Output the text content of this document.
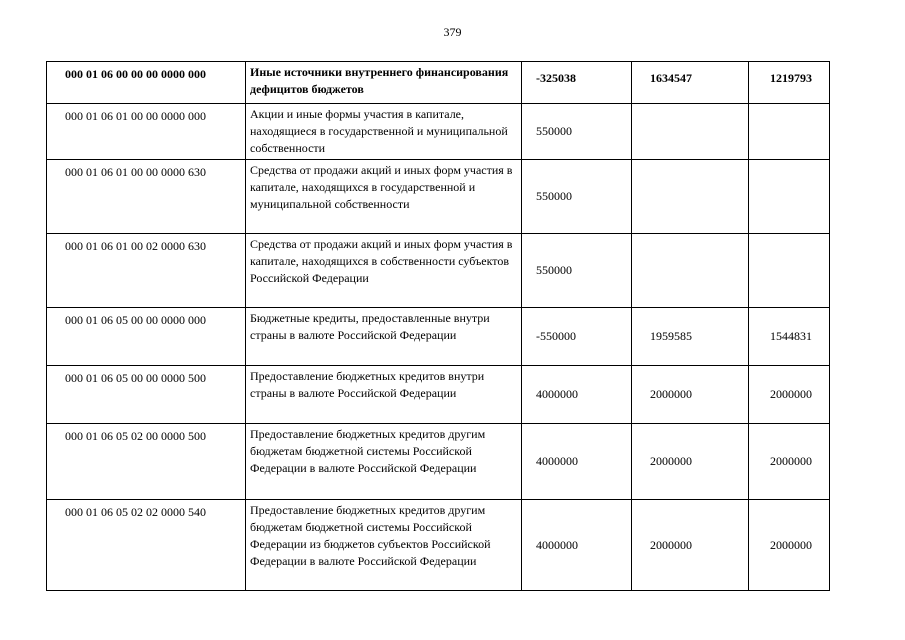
379
000 01 06 00 00 00 0000 000	Иные источники внутреннего финансирования дефицитов бюджетов	-325038	1634547	1219793
000 01 06 01 00 00 0000 000	Акции и иные формы участия в капитале, находящиеся в государственной и муниципальной собственности	550000		
000 01 06 01 00 00 0000 630	Средства от продажи акций и иных форм участия в капитале, находящихся в государственной и муниципальной собственности	550000		
000 01 06 01 00 02 0000 630	Средства от продажи акций и иных форм участия в капитале, находящихся в собственности субъектов Российской Федерации	550000		
000 01 06 05 00 00 0000 000	Бюджетные кредиты, предоставленные внутри страны в валюте Российской Федерации	-550000	1959585	1544831
000 01 06 05 00 00 0000 500	Предоставление бюджетных кредитов внутри страны в валюте Российской Федерации	4000000	2000000	2000000
000 01 06 05 02 00 0000 500	Предоставление бюджетных кредитов другим бюджетам бюджетной системы Российской Федерации в валюте Российской Федерации	4000000	2000000	2000000
000 01 06 05 02 02 0000 540	Предоставление бюджетных кредитов другим бюджетам бюджетной системы Российской Федерации из бюджетов субъектов Российской Федерации в валюте Российской Федерации	4000000	2000000	2000000
